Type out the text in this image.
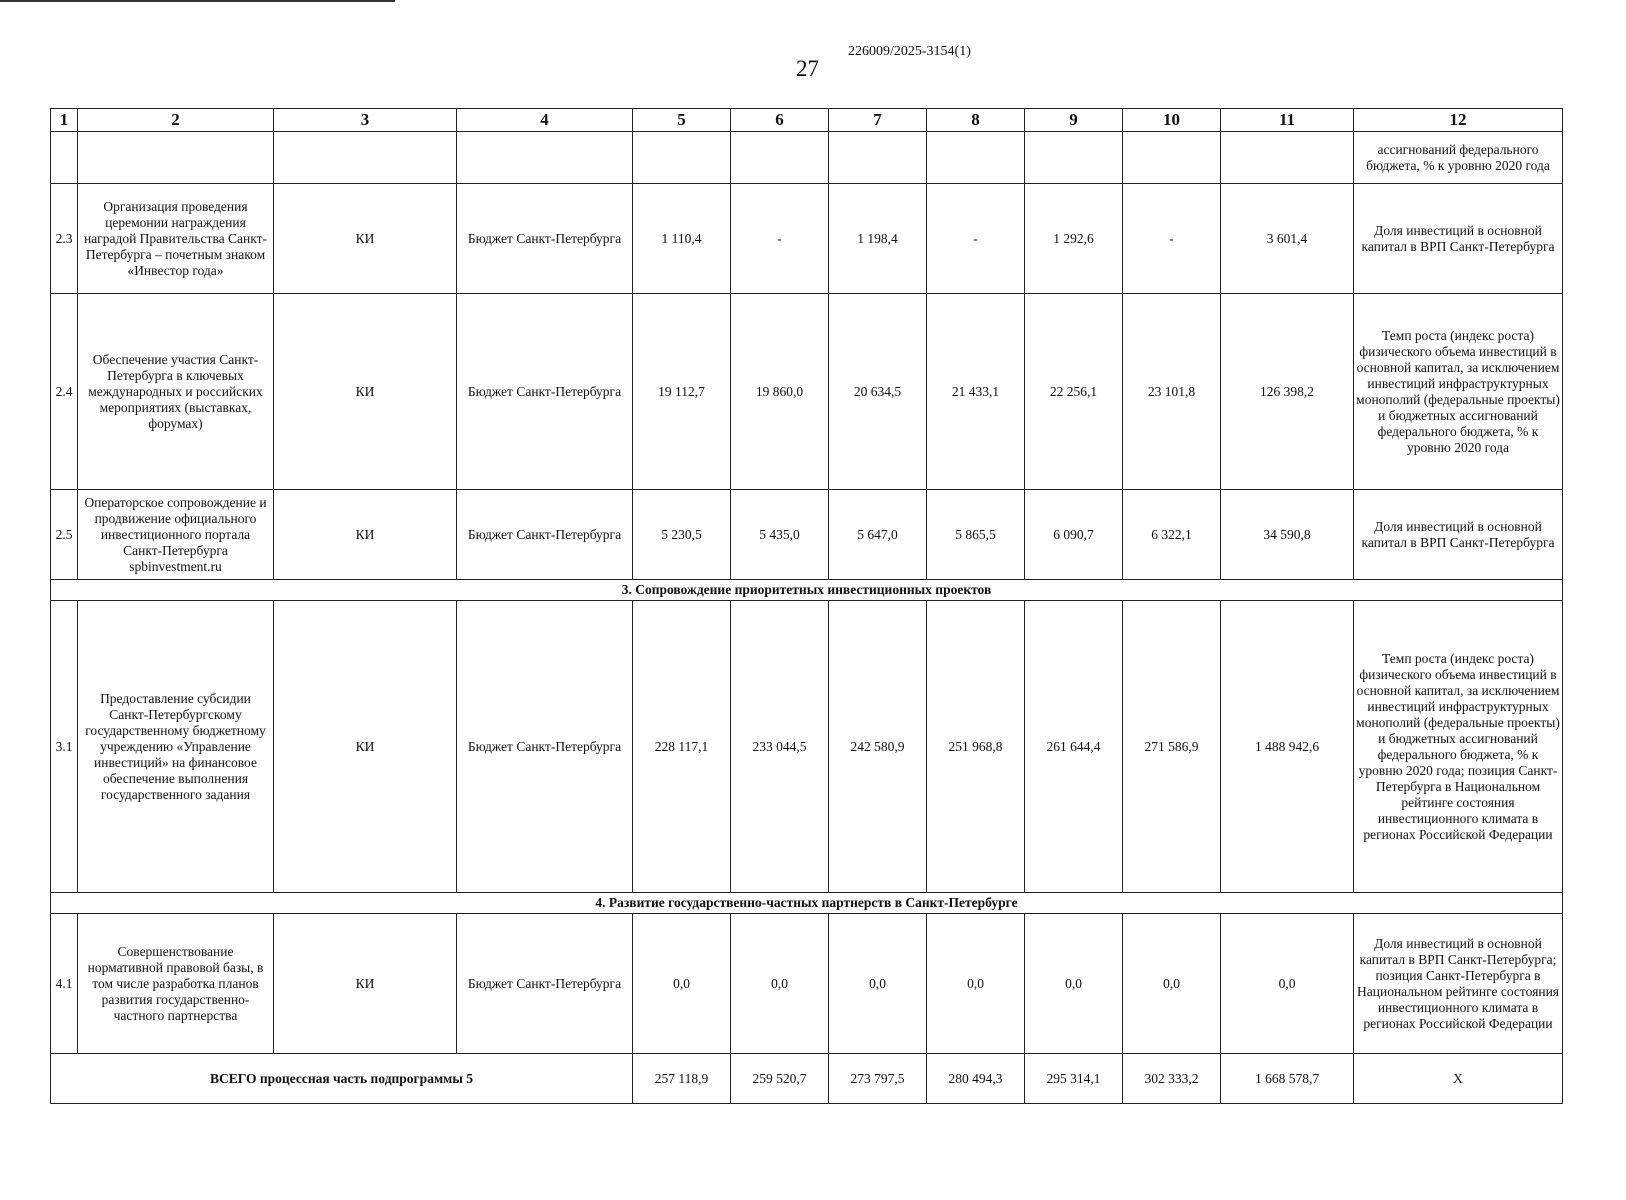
226009/2025-3154(1)
27
1	2	3	4	5	6	7	8	9	10	11	12
											ассигнований федерального бюджета, % к уровню 2020 года
2.3	Организация проведения церемонии награждения наградой Правительства Санкт-Петербурга – почетным знаком «Инвестор года»	КИ	Бюджет Санкт-Петербурга	1 110,4	-	1 198,4	-	1 292,6	-	3 601,4	Доля инвестиций в основной капитал в ВРП Санкт-Петербурга
2.4	Обеспечение участия Санкт-Петербурга в ключевых международных и российских мероприятиях (выставках, форумах)	КИ	Бюджет Санкт-Петербурга	19 112,7	19 860,0	20 634,5	21 433,1	22 256,1	23 101,8	126 398,2	Темп роста (индекс роста) физического объема инвестиций в основной капитал, за исключением инвестиций инфраструктурных монополий (федеральные проекты) и бюджетных ассигнований федерального бюджета, % к уровню 2020 года
2.5	Операторское сопровождение и продвижение официального инвестиционного портала Санкт-Петербурга spbinvestment.ru	КИ	Бюджет Санкт-Петербурга	5 230,5	5 435,0	5 647,0	5 865,5	6 090,7	6 322,1	34 590,8	Доля инвестиций в основной капитал в ВРП Санкт-Петербурга
3. Сопровождение приоритетных инвестиционных проектов											
3.1	Предоставление субсидии Санкт-Петербургскому государственному бюджетному учреждению «Управление инвестиций» на финансовое обеспечение выполнения государственного задания	КИ	Бюджет Санкт-Петербурга	228 117,1	233 044,5	242 580,9	251 968,8	261 644,4	271 586,9	1 488 942,6	Темп роста (индекс роста) физического объема инвестиций в основной капитал, за исключением инвестиций инфраструктурных монополий (федеральные проекты) и бюджетных ассигнований федерального бюджета, % к уровню 2020 года; позиция Санкт-Петербурга в Национальном рейтинге состояния инвестиционного климата в регионах Российской Федерации
4. Развитие государственно-частных партнерств в Санкт-Петербурге											
4.1	Совершенствование нормативной правовой базы, в том числе разработка планов развития государственно-частного партнерства	КИ	Бюджет Санкт-Петербурга	0,0	0,0	0,0	0,0	0,0	0,0	0,0	Доля инвестиций в основной капитал в ВРП Санкт-Петербурга; позиция Санкт-Петербурга в Национальном рейтинге состояния инвестиционного климата в регионах Российской Федерации
ВСЕГО процессная часть подпрограммы 5				257 118,9	259 520,7	273 797,5	280 494,3	295 314,1	302 333,2	1 668 578,7	Х
